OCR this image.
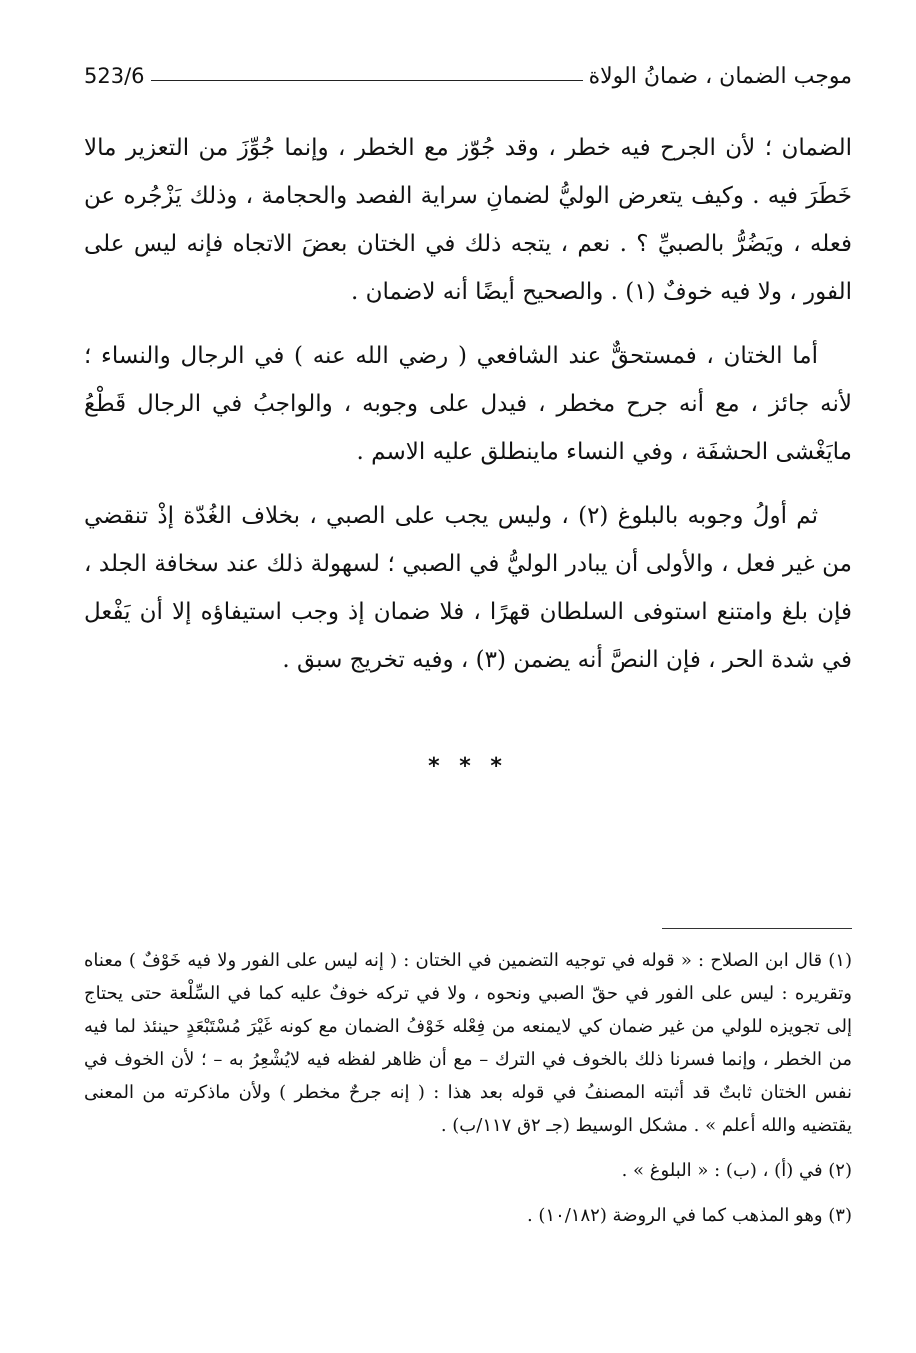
موجب الضمان ، ضمانُ الولاة
523/6

الضمان ؛ لأن الجرح فيه خطر ، وقد جُوّز مع الخطر ، وإنما جُوِّزَ من التعزير مالا خَطَرَ فيه . وكيف يتعرض الوليُّ لضمانِ سراية الفصد والحجامة ، وذلك يَزْجُره عن فعله ، ويَضُرُّ بالصبيِّ ؟ . نعم ، يتجه ذلك في الختان بعضَ الاتجاه فإنه ليس على الفور ، ولا فيه خوفٌ (١) . والصحيح أيضًا أنه لاضمان .

أما الختان ، فمستحقٌّ عند الشافعي ( رضي الله عنه ) في الرجال والنساء ؛ لأنه جائز ، مع أنه جرح مخطر ، فيدل على وجوبه ، والواجبُ في الرجال قَطْعُ مايَغْشى الحشفَة ، وفي النساء ماينطلق عليه الاسم .

ثم أولُ وجوبه بالبلوغ (٢) ، وليس يجب على الصبي ، بخلاف الغُدّة إذْ تنقضي من غير فعل ، والأولى أن يبادر الوليُّ في الصبي ؛ لسهولة ذلك عند سخافة الجلد ، فإن بلغ وامتنع استوفى السلطان قهرًا ، فلا ضمان إذ وجب استيفاؤه إلا أن يَفْعل في شدة الحر ، فإن النصَّ أنه يضمن (٣) ، وفيه تخريج سبق .

* * *

(١) قال ابن الصلاح : « قوله في توجيه التضمين في الختان : ( إنه ليس على الفور ولا فيه خَوْفٌ ) معناه وتقريره : ليس على الفور في حقّ الصبي ونحوه ، ولا في تركه خوفٌ عليه كما في السِّلْعة حتى يحتاج إلى تجويزه للولي من غير ضمان كي لايمنعه من فِعْله خَوْفُ الضمان مع كونه غَيْرَ مُسْتَبْعَدٍ حينئذ لما فيه من الخطر ، وإنما فسرنا ذلك بالخوف في الترك – مع أن ظاهر لفظه فيه لايُشْعِرُ به – ؛ لأن الخوف في نفس الختان ثابتٌ قد أثبته المصنفُ في قوله بعد هذا : ( إنه جرحٌ مخطر ) ولأن ماذكرته من المعنى يقتضيه والله أعلم » . مشكل الوسيط (جـ ٢ق ١١٧/ب) .

(٢) في (أ) ، (ب) : « البلوغ » .

(٣) وهو المذهب كما في الروضة (١٠/١٨٢) .
